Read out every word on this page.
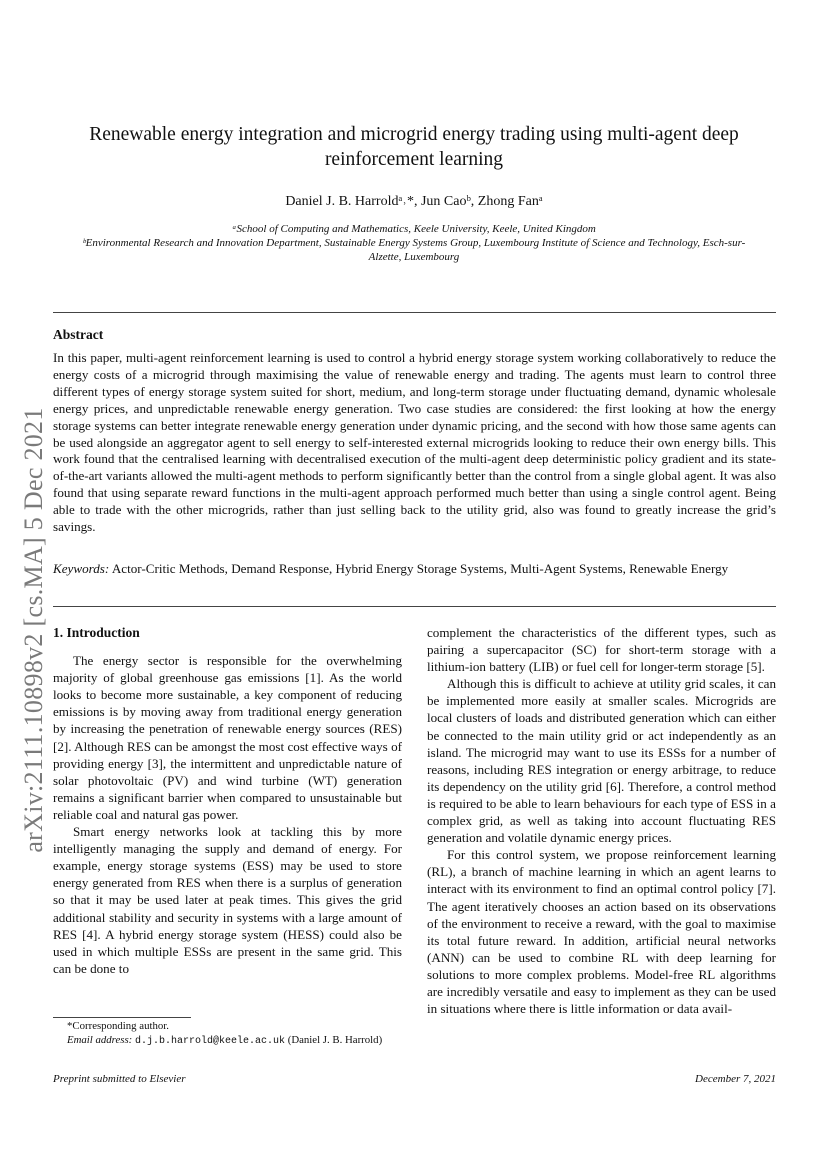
arXiv:2111.10898v2 [cs.MA] 5 Dec 2021
Renewable energy integration and microgrid energy trading using multi-agent deep reinforcement learning
Daniel J. B. Harroldᵃ˒*, Jun Caoᵇ, Zhong Fanᵃ
ᵃSchool of Computing and Mathematics, Keele University, Keele, United Kingdom
ᵇEnvironmental Research and Innovation Department, Sustainable Energy Systems Group, Luxembourg Institute of Science and Technology, Esch-sur-Alzette, Luxembourg
Abstract
In this paper, multi-agent reinforcement learning is used to control a hybrid energy storage system working collaboratively to reduce the energy costs of a microgrid through maximising the value of renewable energy and trading. The agents must learn to control three different types of energy storage system suited for short, medium, and long-term storage under fluctuating demand, dynamic wholesale energy prices, and unpredictable renewable energy generation. Two case studies are considered: the first looking at how the energy storage systems can better integrate renewable energy generation under dynamic pricing, and the second with how those same agents can be used alongside an aggregator agent to sell energy to self-interested external microgrids looking to reduce their own energy bills. This work found that the centralised learning with decentralised execution of the multi-agent deep deterministic policy gradient and its state-of-the-art variants allowed the multi-agent methods to perform significantly better than the control from a single global agent. It was also found that using separate reward functions in the multi-agent approach performed much better than using a single control agent. Being able to trade with the other microgrids, rather than just selling back to the utility grid, also was found to greatly increase the grid’s savings.
Keywords: Actor-Critic Methods, Demand Response, Hybrid Energy Storage Systems, Multi-Agent Systems, Renewable Energy
1. Introduction

The energy sector is responsible for the overwhelming majority of global greenhouse gas emissions [1]. As the world looks to become more sustainable, a key component of reducing emissions is by moving away from traditional energy generation by increasing the penetration of renewable energy sources (RES) [2]. Although RES can be amongst the most cost effective ways of providing energy [3], the intermittent and unpredictable nature of solar photovoltaic (PV) and wind turbine (WT) generation remains a significant barrier when compared to unsustainable but reliable coal and natural gas power.

Smart energy networks look at tackling this by more intelligently managing the supply and demand of energy. For example, energy storage systems (ESS) may be used to store energy generated from RES when there is a surplus of generation so that it may be used later at peak times. This gives the grid additional stability and security in systems with a large amount of RES [4]. A hybrid energy storage system (HESS) could also be used in which multiple ESSs are present in the same grid. This can be done to

complement the characteristics of the different types, such as pairing a supercapacitor (SC) for short-term storage with a lithium-ion battery (LIB) or fuel cell for longer-term storage [5].

Although this is difficult to achieve at utility grid scales, it can be implemented more easily at smaller scales. Microgrids are local clusters of loads and distributed generation which can either be connected to the main utility grid or act independently as an island. The microgrid may want to use its ESSs for a number of reasons, including RES integration or energy arbitrage, to reduce its dependency on the utility grid [6]. Therefore, a control method is required to be able to learn behaviours for each type of ESS in a complex grid, as well as taking into account fluctuating RES generation and volatile dynamic energy prices.

For this control system, we propose reinforcement learning (RL), a branch of machine learning in which an agent learns to interact with its environment to find an optimal control policy [7]. The agent iteratively chooses an action based on its observations of the environment to receive a reward, with the goal to maximise its total future reward. In addition, artificial neural networks (ANN) can be used to combine RL with deep learning for solutions to more complex problems. Model-free RL algorithms are incredibly versatile and easy to implement as they can be used in situations where there is little information or data avail-

*Corresponding author.
Email address: d.j.b.harrold@keele.ac.uk (Daniel J. B. Harrold)
Preprint submitted to Elsevier	December 7, 2021
